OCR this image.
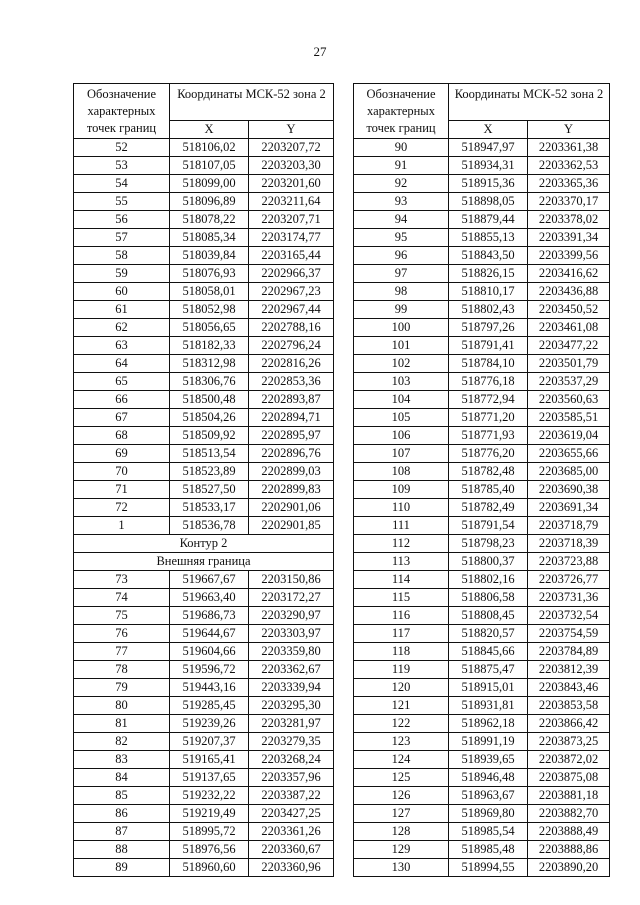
27
Обозначение характерных точек границ	Координаты МСК-52 зона 2	
	X	Y
52	518106,02	2203207,72
53	518107,05	2203203,30
54	518099,00	2203201,60
55	518096,89	2203211,64
56	518078,22	2203207,71
57	518085,34	2203174,77
58	518039,84	2203165,44
59	518076,93	2202966,37
60	518058,01	2202967,23
61	518052,98	2202967,44
62	518056,65	2202788,16
63	518182,33	2202796,24
64	518312,98	2202816,26
65	518306,76	2202853,36
66	518500,48	2202893,87
67	518504,26	2202894,71
68	518509,92	2202895,97
69	518513,54	2202896,76
70	518523,89	2202899,03
71	518527,50	2202899,83
72	518533,17	2202901,06
1	518536,78	2202901,85
Контур 2		
Внешняя граница		
73	519667,67	2203150,86
74	519663,40	2203172,27
75	519686,73	2203290,97
76	519644,67	2203303,97
77	519604,66	2203359,80
78	519596,72	2203362,67
79	519443,16	2203339,94
80	519285,45	2203295,30
81	519239,26	2203281,97
82	519207,37	2203279,35
83	519165,41	2203268,24
84	519137,65	2203357,96
85	519232,22	2203387,22
86	519219,49	2203427,25
87	518995,72	2203361,26
88	518976,56	2203360,67
89	518960,60	2203360,96
Обозначение характерных точек границ	Координаты МСК-52 зона 2	
	X	Y
90	518947,97	2203361,38
91	518934,31	2203362,53
92	518915,36	2203365,36
93	518898,05	2203370,17
94	518879,44	2203378,02
95	518855,13	2203391,34
96	518843,50	2203399,56
97	518826,15	2203416,62
98	518810,17	2203436,88
99	518802,43	2203450,52
100	518797,26	2203461,08
101	518791,41	2203477,22
102	518784,10	2203501,79
103	518776,18	2203537,29
104	518772,94	2203560,63
105	518771,20	2203585,51
106	518771,93	2203619,04
107	518776,20	2203655,66
108	518782,48	2203685,00
109	518785,40	2203690,38
110	518782,49	2203691,34
111	518791,54	2203718,79
112	518798,23	2203718,39
113	518800,37	2203723,88
114	518802,16	2203726,77
115	518806,58	2203731,36
116	518808,45	2203732,54
117	518820,57	2203754,59
118	518845,66	2203784,89
119	518875,47	2203812,39
120	518915,01	2203843,46
121	518931,81	2203853,58
122	518962,18	2203866,42
123	518991,19	2203873,25
124	518939,65	2203872,02
125	518946,48	2203875,08
126	518963,67	2203881,18
127	518969,80	2203882,70
128	518985,54	2203888,49
129	518985,48	2203888,86
130	518994,55	2203890,20
